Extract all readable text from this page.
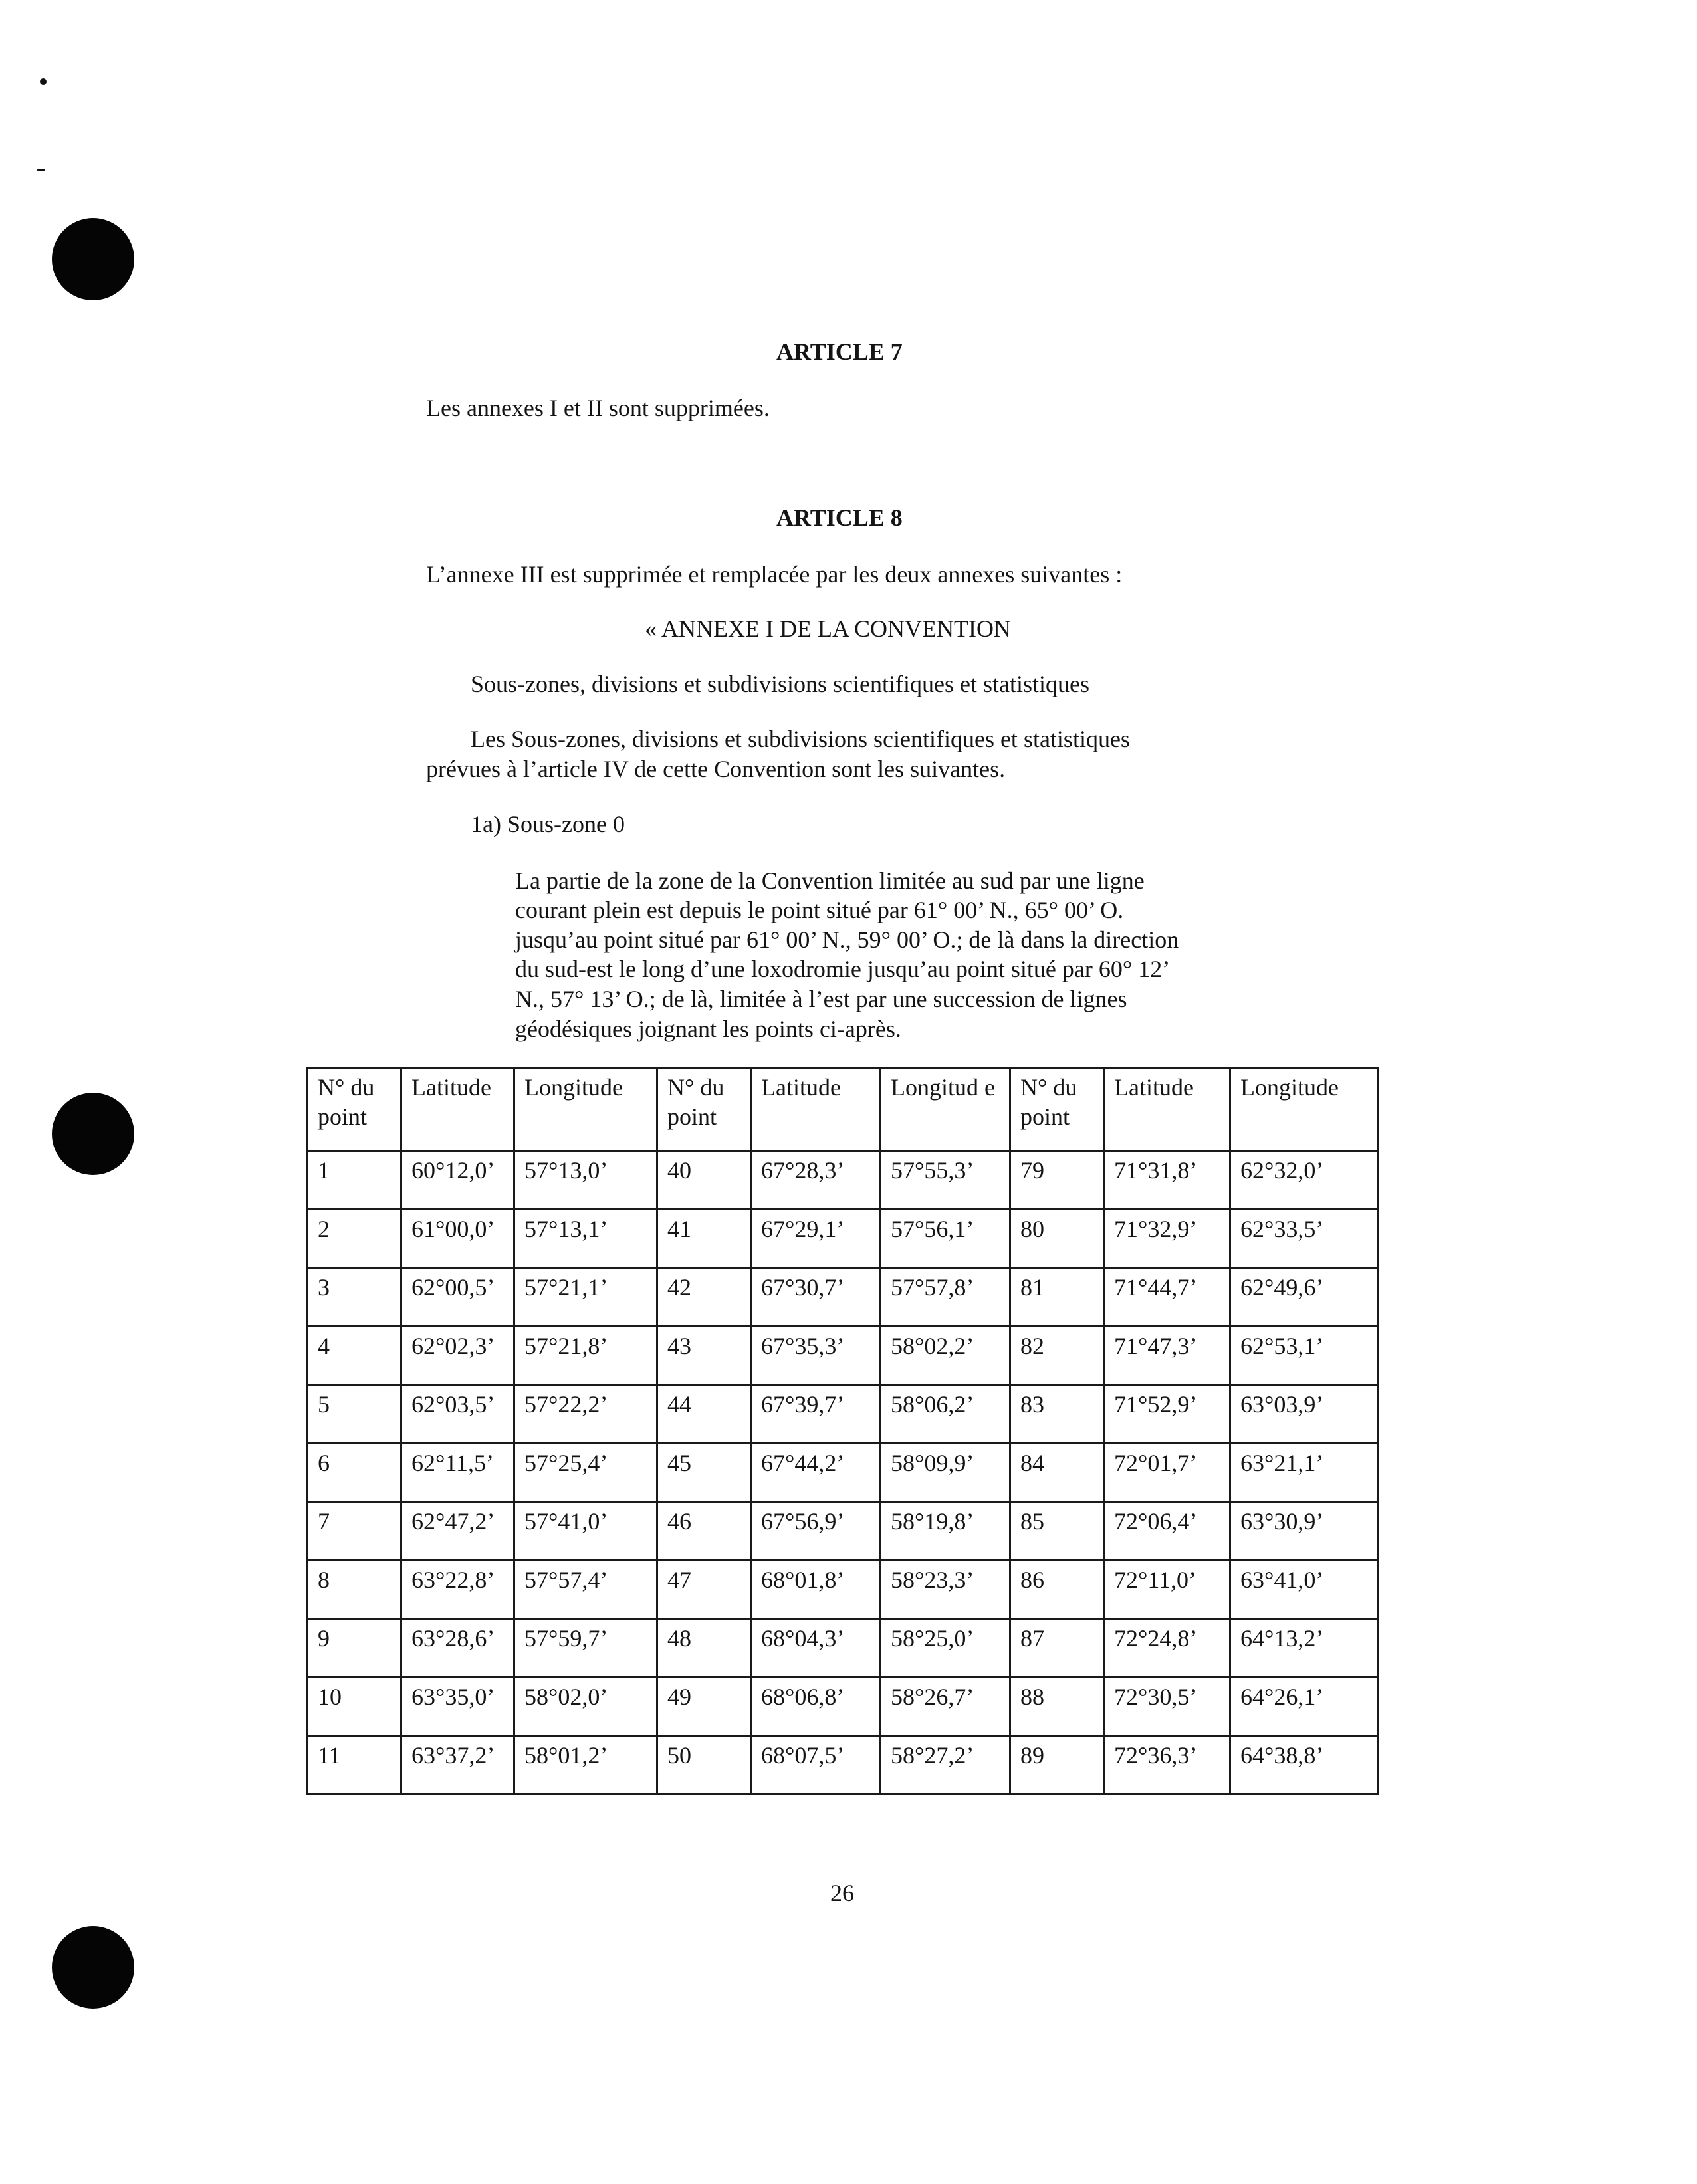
ARTICLE 7
Les annexes I et II sont supprimées.
ARTICLE 8
L’annexe III est supprimée et remplacée par les deux annexes suivantes :
« ANNEXE I DE LA CONVENTION
Sous-zones, divisions et subdivisions scientifiques et statistiques
Les Sous-zones, divisions et subdivisions scientifiques et statistiques
prévues à l’article IV de cette Convention sont les suivantes.
1a) Sous-zone 0
La partie de la zone de la Convention limitée au sud par une ligne
courant plein est depuis le point situé par 61° 00’ N., 65° 00’ O.
jusqu’au point situé par 61° 00’ N., 59° 00’ O.; de là dans la direction
du sud-est le long d’une loxodromie jusqu’au point situé par 60° 12’
N., 57° 13’ O.; de là, limitée à l’est par une succession de lignes
géodésiques joignant les points ci-après.
N° du point	Latitude	Longitude	N° du point	Latitude	Longitud e	N° du point	Latitude	Longitude
1	60°12,0’	57°13,0’	40	67°28,3’	57°55,3’	79	71°31,8’	62°32,0’
2	61°00,0’	57°13,1’	41	67°29,1’	57°56,1’	80	71°32,9’	62°33,5’
3	62°00,5’	57°21,1’	42	67°30,7’	57°57,8’	81	71°44,7’	62°49,6’
4	62°02,3’	57°21,8’	43	67°35,3’	58°02,2’	82	71°47,3’	62°53,1’
5	62°03,5’	57°22,2’	44	67°39,7’	58°06,2’	83	71°52,9’	63°03,9’
6	62°11,5’	57°25,4’	45	67°44,2’	58°09,9’	84	72°01,7’	63°21,1’
7	62°47,2’	57°41,0’	46	67°56,9’	58°19,8’	85	72°06,4’	63°30,9’
8	63°22,8’	57°57,4’	47	68°01,8’	58°23,3’	86	72°11,0’	63°41,0’
9	63°28,6’	57°59,7’	48	68°04,3’	58°25,0’	87	72°24,8’	64°13,2’
10	63°35,0’	58°02,0’	49	68°06,8’	58°26,7’	88	72°30,5’	64°26,1’
11	63°37,2’	58°01,2’	50	68°07,5’	58°27,2’	89	72°36,3’	64°38,8’
26
